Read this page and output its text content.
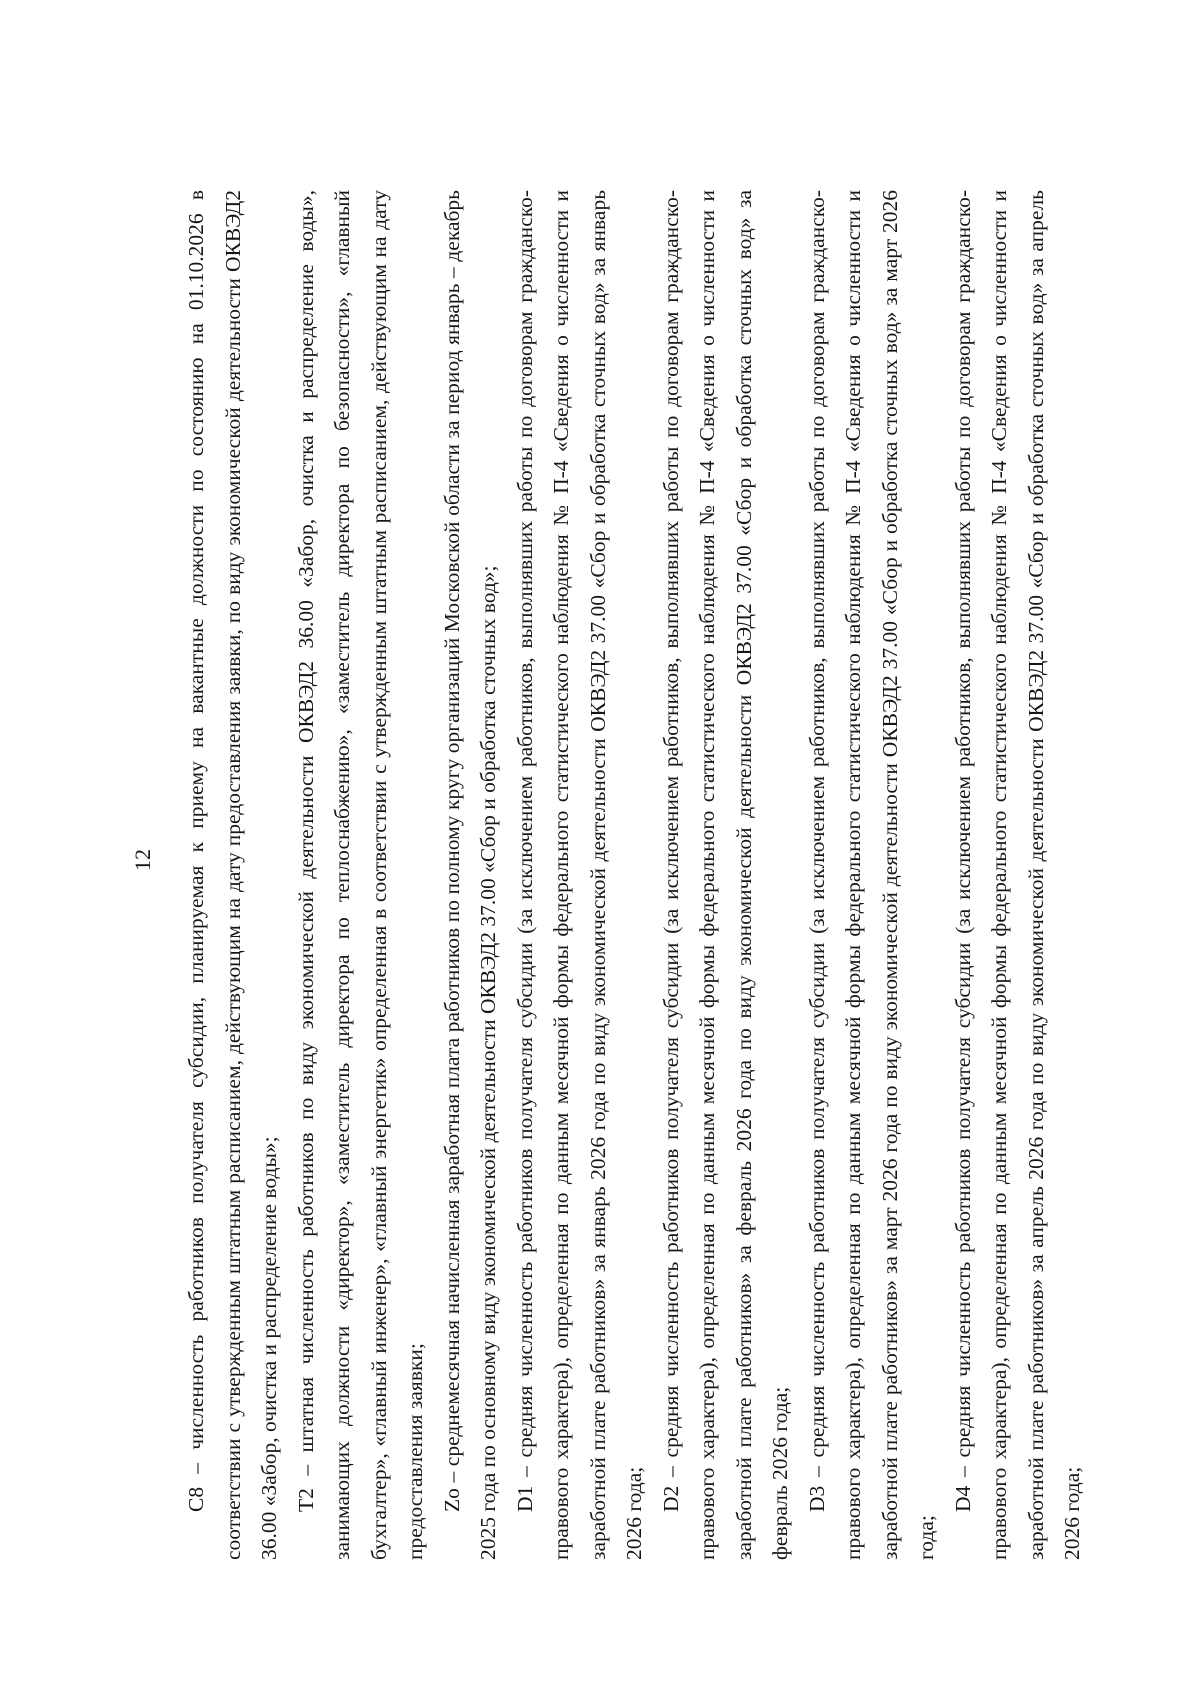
12 C8 – численность работников получателя субсидии, планируемая к приему на вакантные должности по состоянию на 01.10.2026 в соответствии с утвержденным штатным расписанием, действующим на дату предоставления заявки, по виду экономической деятельности ОКВЭД2 36.00 «Забор, очистка и распределение воды»; Т2 – штатная численность работников по виду экономической деятельности ОКВЭД2 36.00 «Забор, очистка и распределение воды», занимающих должности «директор», «заместитель директора по теплоснабжению», «заместитель директора по безопасности», «главный бухгалтер», «главный инженер», «главный энергетик» определенная в соответствии с утвержденным штатным расписанием, действующим на дату предоставления заявки; Zо – среднемесячная начисленная заработная плата работников по полному кругу организаций Московской области за период январь – декабрь 2025 года по основному виду экономической деятельности ОКВЭД2 37.00 «Сбор и обработка сточных вод»; D1 – средняя численность работников получателя субсидии (за исключением работников, выполнявших работы по договорам гражданско-правового характера), определенная по данным месячной формы федерального статистического наблюдения № П-4 «Сведения о численности и заработной плате работников» за январь 2026 года по виду экономической деятельности ОКВЭД2 37.00 «Сбор и обработка сточных вод» за январь 2026 года;

D2 – средняя численность работников получателя субсидии (за исключением работников, выполнявших работы по договорам гражданско-правового характера), определенная по данным месячной формы федерального статистического наблюдения № П-4 «Сведения о численности и заработной плате работников» за февраль 2026 года по виду экономической деятельности ОКВЭД2 37.00 «Сбор и обработка сточных вод» за февраль 2026 года; D3 – средняя численность работников получателя субсидии (за исключением работников, выполнявших работы по договорам гражданско-правового характера), определенная по данным месячной формы федерального статистического наблюдения № П-4 «Сведения о численности и заработной плате работников» за март 2026 года по виду экономической деятельности ОКВЭД2 37.00 «Сбор и обработка сточных вод» за март 2026 года;

D4 – средняя численность работников получателя субсидии (за исключением работников, выполнявших работы по договорам гражданско-правового характера), определенная по данным месячной формы федерального статистического наблюдения № П-4 «Сведения о численности и заработной плате работников» за апрель 2026 года по виду экономической деятельности ОКВЭД2 37.00 «Сбор и обработка сточных вод» за апрель 2026 года;
